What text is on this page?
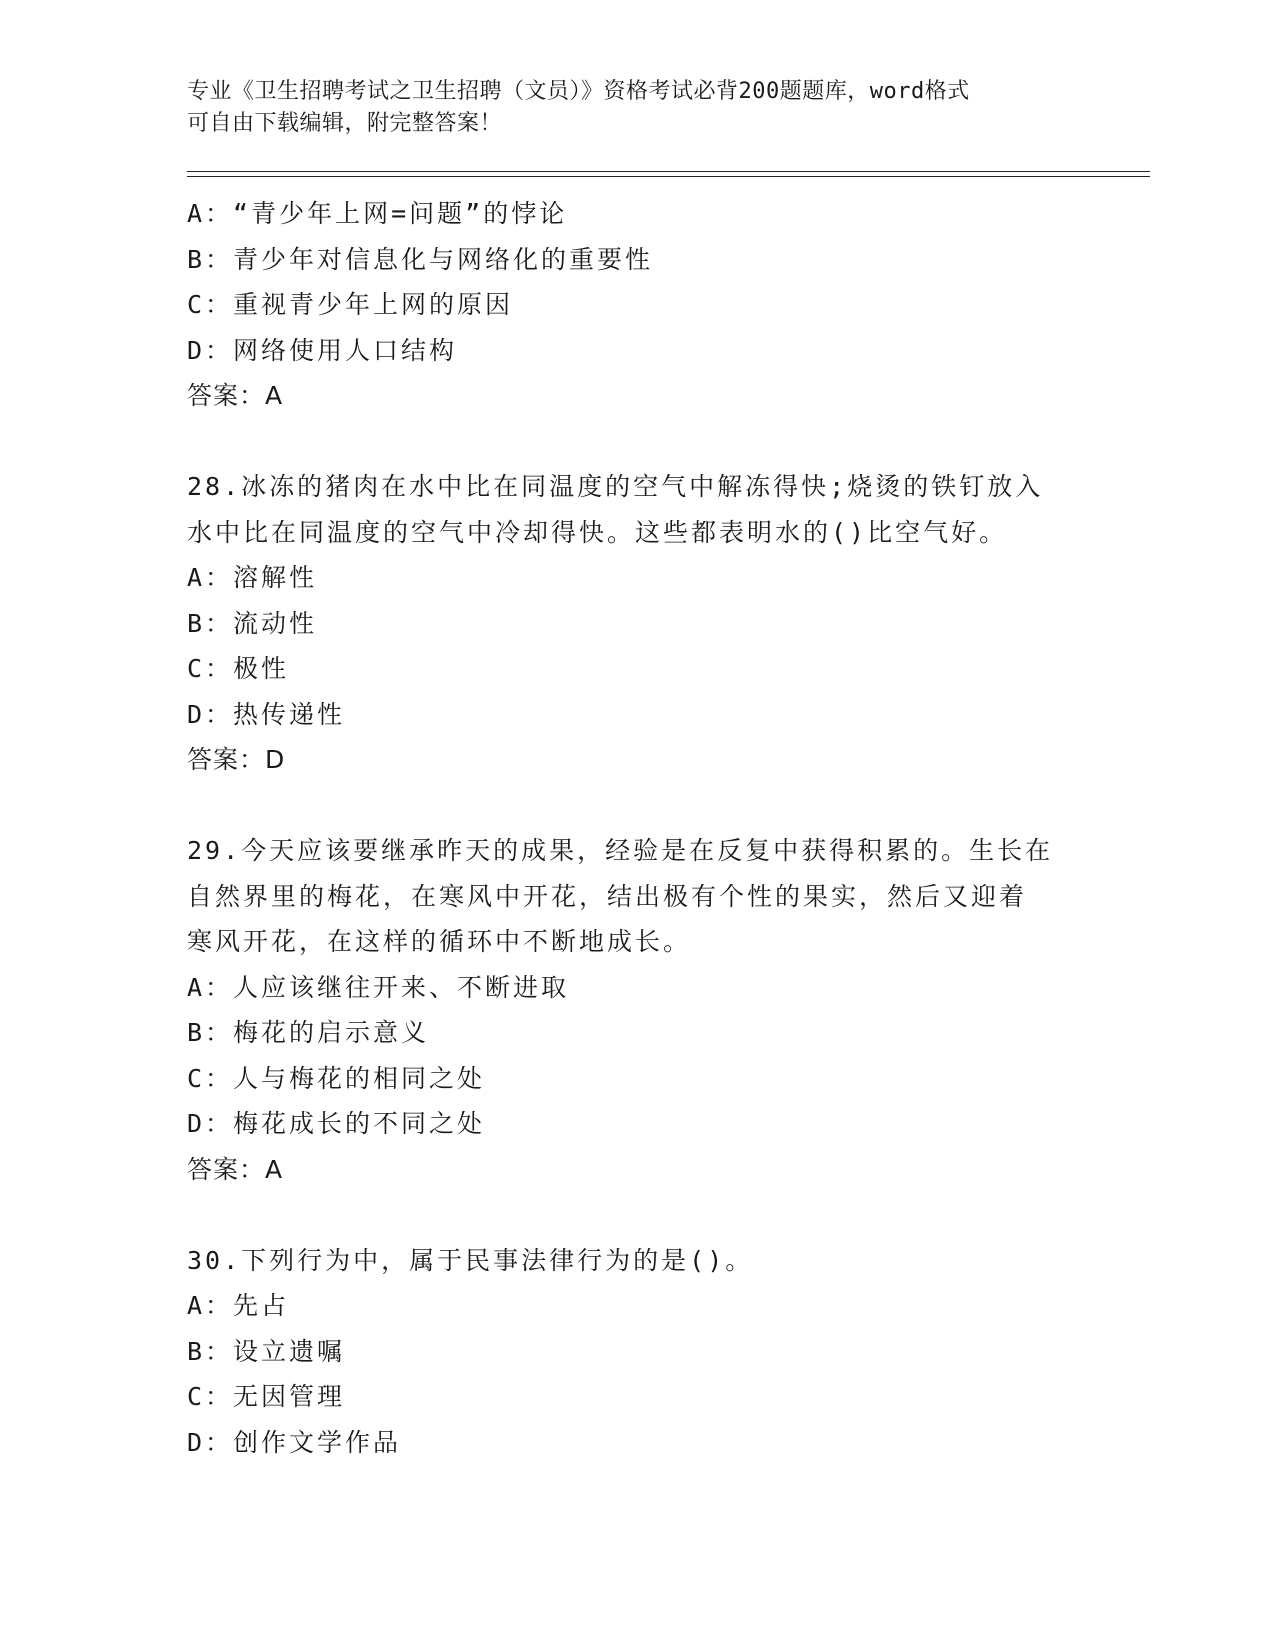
专业《卫生招聘考试之卫生招聘（文员）》资格考试必背200题题库，word格式
可自由下载编辑，附完整答案！
A：“青少年上网=问题”的悖论
B：青少年对信息化与网络化的重要性
C：重视青少年上网的原因
D：网络使用人口结构
答案：A
28.冰冻的猪肉在水中比在同温度的空气中解冻得快;烧烫的铁钉放入
水中比在同温度的空气中冷却得快。这些都表明水的()比空气好。
A：溶解性
B：流动性
C：极性
D：热传递性
答案：D
29.今天应该要继承昨天的成果，经验是在反复中获得积累的。生长在
自然界里的梅花，在寒风中开花，结出极有个性的果实，然后又迎着
寒风开花，在这样的循环中不断地成长。
A：人应该继往开来、不断进取
B：梅花的启示意义
C：人与梅花的相同之处
D：梅花成长的不同之处
答案：A
30.下列行为中，属于民事法律行为的是()。
A：先占
B：设立遗嘱
C：无因管理
D：创作文学作品
